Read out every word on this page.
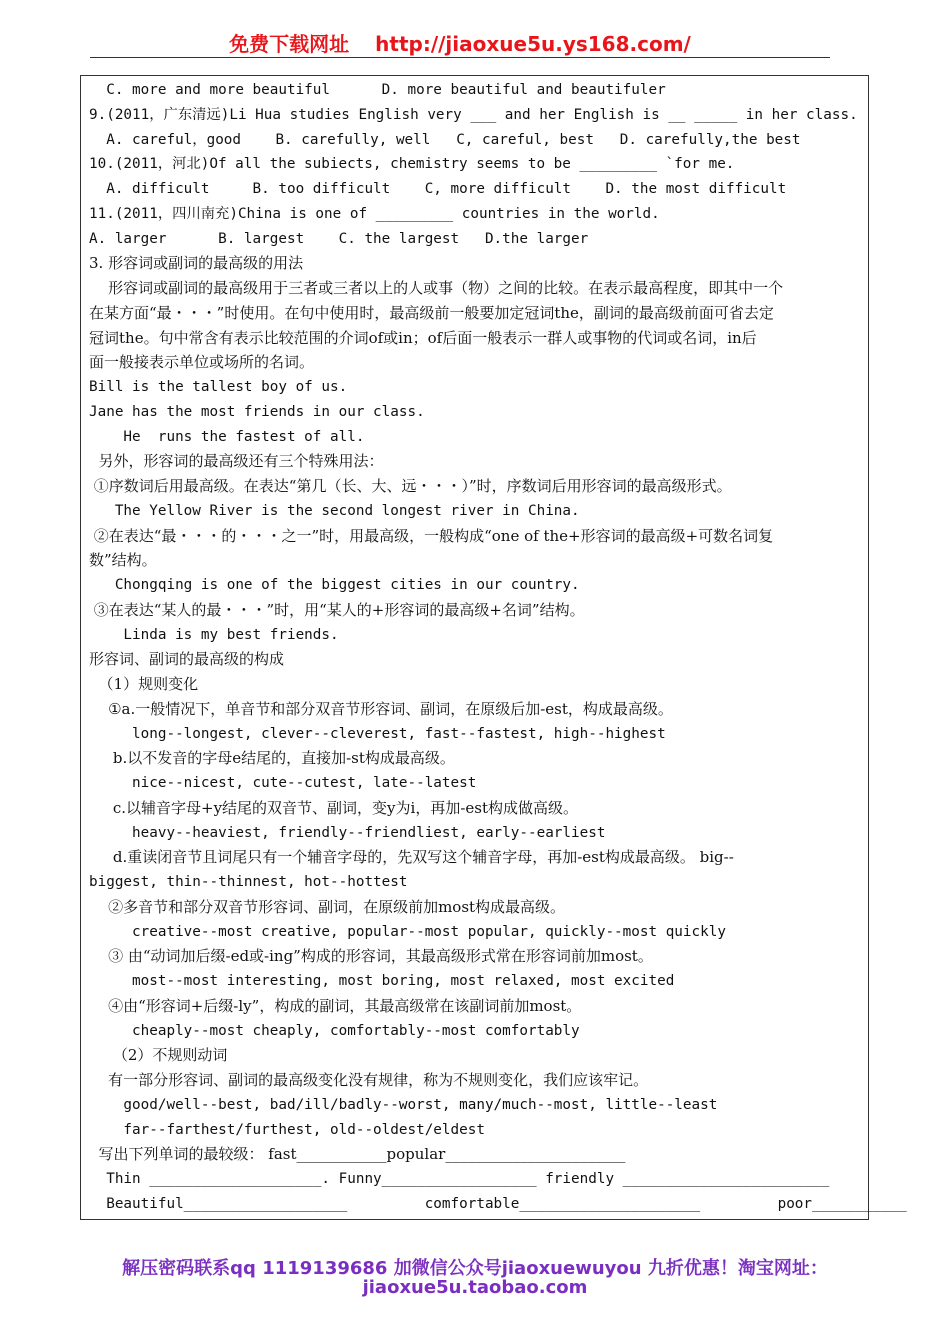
免费下载网址 http://jiaoxue5u.ys168.com/
C. more and more beautiful      D. more beautiful and beautifuler
9.(2011，广东清远)Li Hua studies English very ___ and her English is __ _____ in her class.
A. careful，good    B. carefully, well   C, careful, best   D. carefully,the best
10.(2011，河北)Of all the subiects, chemistry seems to be _________ `for me.
A. difficult     B. too difficult    C, more difficult    D. the most difficult
11.(2011，四川南充)China is one of _________ countries in the world.
A. larger      B. largest    C. the largest   D.the larger
3. 形容词或副词的最高级的用法
形容词或副词的最高级用于三者或三者以上的人或事（物）之间的比较。在表示最高程度，即其中一个
在某方面“最・・・”时使用。在句中使用时，最高级前一般要加定冠词the，副词的最高级前面可省去定
冠词the。句中常含有表示比较范围的介词of或in；of后面一般表示一群人或事物的代词或名词，in后
面一般接表示单位或场所的名词。
Bill is the tallest boy of us.
Jane has the most friends in our class.
He  runs the fastest of all.
另外，形容词的最高级还有三个特殊用法：
①序数词后用最高级。在表达“第几（长、大、远・・・）”时，序数词后用形容词的最高级形式。
The Yellow River is the second longest river in China.
②在表达“最・・・的・・・之一”时，用最高级，一般构成“one of the+形容词的最高级+可数名词复
数”结构。
Chongqing is one of the biggest cities in our country.
③在表达“某人的最・・・”时，用“某人的+形容词的最高级+名词”结构。
Linda is my best friends.
形容词、副词的最高级的构成
（1）规则变化
①a.一般情况下，单音节和部分双音节形容词、副词，在原级后加-est，构成最高级。
long--longest, clever--cleverest, fast--fastest, high--highest
b.以不发音的字母e结尾的，直接加-st构成最高级。
nice--nicest, cute--cutest, late--latest
c.以辅音字母+y结尾的双音节、副词，变y为i，再加-est构成做高级。
heavy--heaviest, friendly--friendliest, early--earliest
d.重读闭音节且词尾只有一个辅音字母的，先双写这个辅音字母，再加-est构成最高级。 big--
biggest, thin--thinnest, hot--hottest
②多音节和部分双音节形容词、副词，在原级前加most构成最高级。
creative--most creative, popular--most popular, quickly--most quickly
③ 由“动词加后缀-ed或-ing”构成的形容词，其最高级形式常在形容词前加most。
most--most interesting, most boring, most relaxed, most excited
④由“形容词+后缀-ly”，构成的副词，其最高级常在该副词前加most。
cheaply--most cheaply, comfortably--most comfortably
（2）不规则动词
有一部分形容词、副词的最高级变化没有规律，称为不规则变化，我们应该牢记。
good/well--best, bad/ill/badly--worst, many/much--most, little--least
far--farthest/furthest, old--oldest/eldest
写出下列单词的最较级： fast____________popular________________________
Thin ____________________. Funny__________________ friendly ________________________
Beautiful___________________         comfortable_____________________         poor___________
解压密码联系qq 1119139686 加微信公众号jiaoxuewuyou 九折优惠！淘宝网址：
jiaoxue5u.taobao.com
